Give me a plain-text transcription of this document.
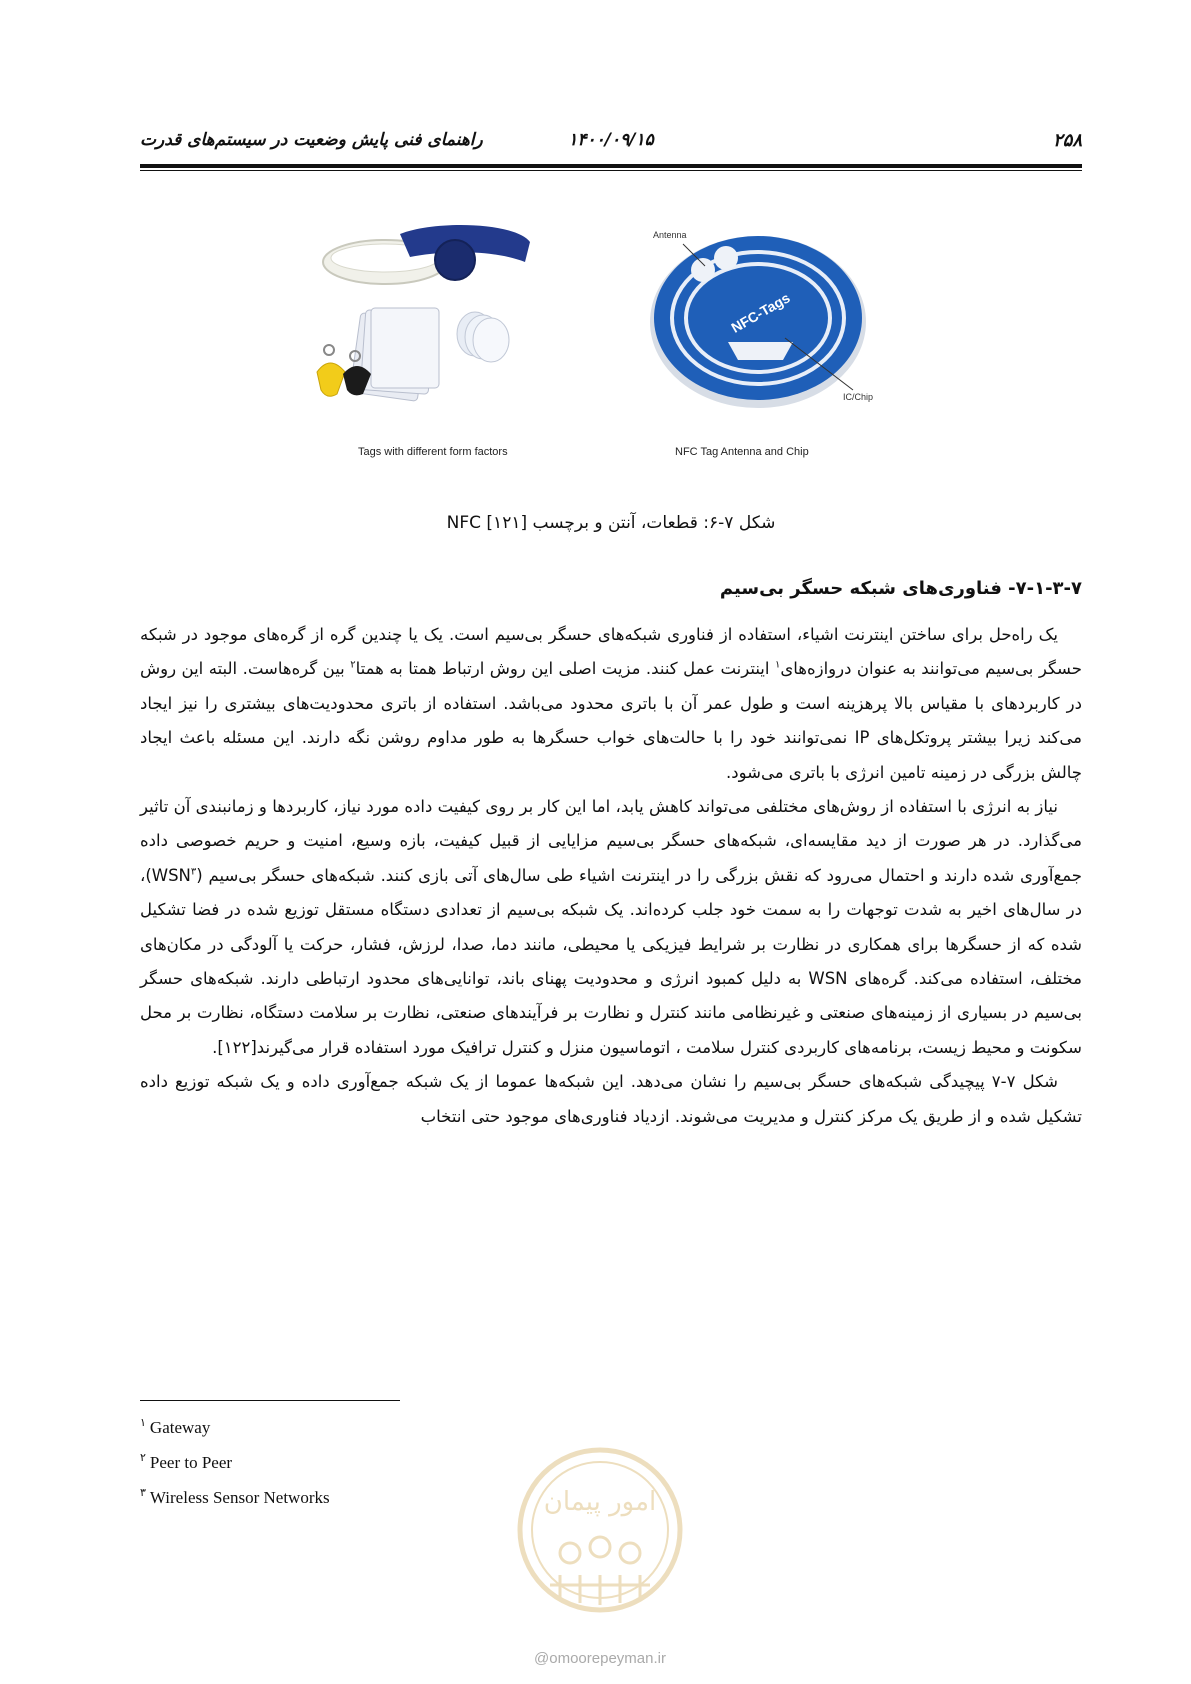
راهنمای فنی پایش وضعیت در سیستم‌های قدرت	۱۴۰۰/۰۹/۱۵	۲۵۸
Tags with different form factors
NFC-Tags
Antenna
IC/Chip
NFC Tag Antenna and Chip
شکل ۷-۶: قطعات، آنتن و برچسب NFC [۱۲۱]
۷-۱-۳-۷- فناوری‌های شبکه حسگر بی‌سیم

یک راه‌حل برای ساختن اینترنت اشیاء، استفاده از فناوری شبکه‌های حسگر بی‌سیم است. یک یا چندین گره از گره‌های موجود در شبکه حسگر بی‌سیم می‌توانند به عنوان دروازه‌های$^۱$ اینترنت عمل کنند. مزیت اصلی این روش ارتباط همتا به همتا$^۲$ بین گره‌هاست. البته این روش در کاربردهای با مقیاس بالا پرهزینه است و طول عمر آن با باتری محدود می‌باشد. استفاده از باتری محدودیت‌های بیشتری را نیز ایجاد می‌کند زیرا بیشتر پروتکل‌های IP نمی‌توانند خود را با حالت‌های خواب حسگرها به طور مداوم روشن نگه دارند. این مسئله باعث ایجاد چالش بزرگی در زمینه تامین انرژی با باتری می‌شود.

نیاز به انرژی با استفاده از روش‌های مختلفی می‌تواند کاهش یابد، اما این کار بر روی کیفیت داده مورد نیاز، کاربردها و زمانبندی آن تاثیر می‌گذارد. در هر صورت از دید مقایسه‌ای، شبکه‌های حسگر بی‌سیم مزایایی از قبیل کیفیت، بازه وسیع، امنیت و حریم خصوصی داده جمع‌آوری شده دارند و احتمال می‌رود که نقش بزرگی را در اینترنت اشیاء طی سال‌های آتی بازی کنند. شبکه‌های حسگر بی‌سیم (WSN$^۳$)، در سال‌های اخیر به شدت توجهات را به سمت خود جلب کرده‌اند. یک شبکه بی‌سیم از تعدادی دستگاه مستقل توزیع شده در فضا تشکیل شده که از حسگرها برای همکاری در نظارت بر شرایط فیزیکی یا محیطی، مانند دما، صدا، لرزش، فشار، حرکت یا آلودگی در مکان‌های مختلف، استفاده می‌کند. گره‌های WSN به دلیل کمبود انرژی و محدودیت پهنای باند، توانایی‌های محدود ارتباطی دارند. شبکه‌های حسگر بی‌سیم در بسیاری از زمینه‌های صنعتی و غیرنظامی مانند کنترل و نظارت بر فرآیندهای صنعتی، نظارت بر سلامت دستگاه، نظارت بر محل سکونت و محیط زیست، برنامه‌های کاربردی کنترل سلامت ، اتوماسیون منزل و کنترل ترافیک مورد استفاده قرار می‌گیرند[۱۲۲].

شکل ۷-۷ پیچیدگی شبکه‌های حسگر بی‌سیم را نشان می‌دهد. این شبکه‌ها عموما از یک شبکه جمع‌آوری داده و یک شبکه توزیع داده تشکیل شده و از طریق یک مرکز کنترل و مدیریت می‌شوند. ازدیاد فناوری‌های موجود حتی انتخاب

$^۱$ Gateway
$^۲$ Peer to Peer
$^۳$ Wireless Sensor Networks	امور پیمان
@omoorepeyman.ir
